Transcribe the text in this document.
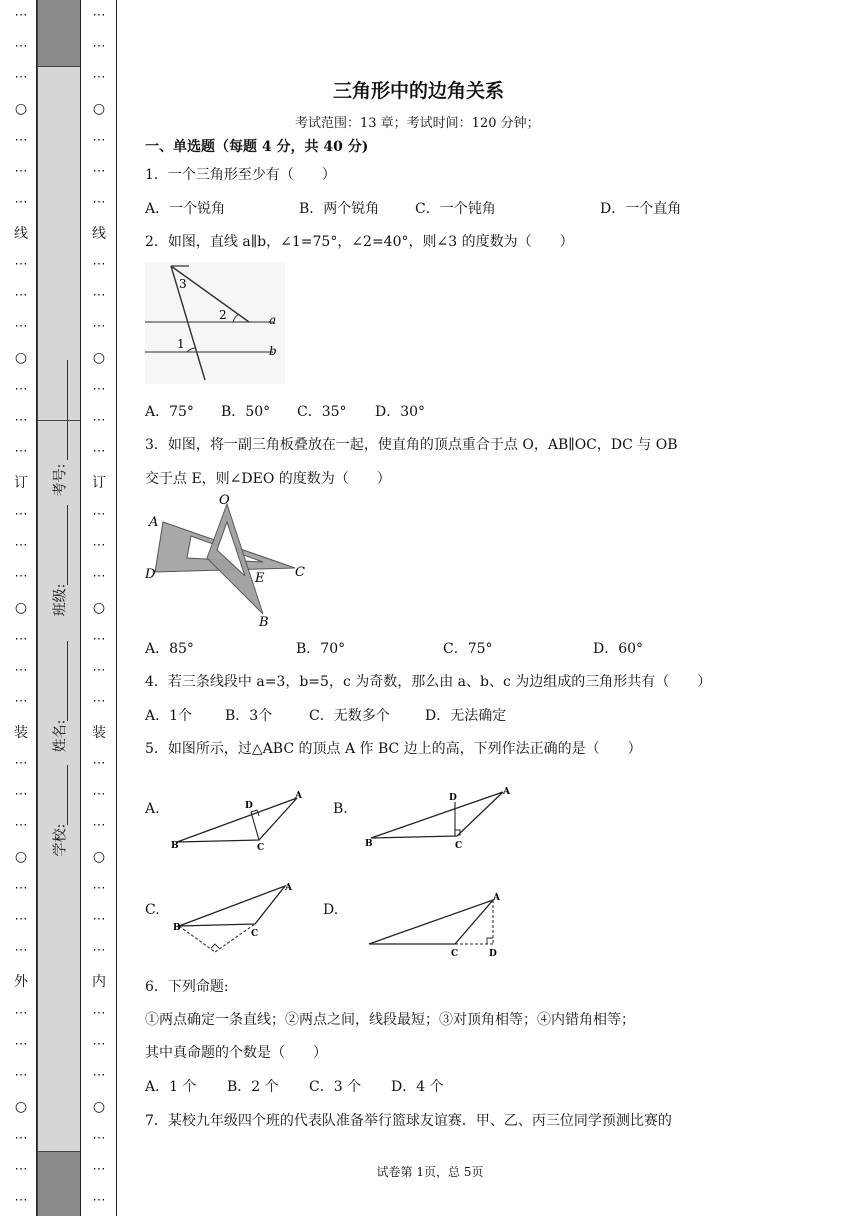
⋯
⋯
⋯
○
⋯
⋯
⋯
线
⋯
⋯
⋯
○
⋯
⋯
⋯
订
⋯
⋯
⋯
○
⋯
⋯
⋯
装
⋯
⋯
⋯
○
⋯
⋯
⋯
外
⋯
⋯
⋯
○
⋯
⋯
⋯
考号:
班级:
姓名:
学校:
⋯
⋯
⋯
○
⋯
⋯
⋯
线
⋯
⋯
⋯
○
⋯
⋯
⋯
订
⋯
⋯
⋯
○
⋯
⋯
⋯
装
⋯
⋯
⋯
○
⋯
⋯
⋯
内
⋯
⋯
⋯
○
⋯
⋯
⋯
三角形中的边角关系
考试范围：13 章；考试时间：120 分钟；
一、单选题（每题 4 分，共 40 分)
1．一个三角形至少有（　　）
A．一个锐角	B．两个锐角	C．一个钝角	D．一个直角
2．如图，直线 a∥b，∠1=75°，∠2=40°，则∠3 的度数为（　　）
3
2
1
a
b
A．75° B．50° C．35° D．30°
3．如图，将一副三角板叠放在一起，使直角的顶点重合于点 O，AB∥OC，DC 与 OB
交于点 E，则∠DEO 的度数为（　　）
O
A
D	E C
B
A．85°	B．70°	C．75°	D．60°
4．若三条线段中 a=3，b=5，c 为奇数，那么由 a、b、c 为边组成的三角形共有（　　）
A．1个 B．3个	C．无数多个	D．无法确定
5．如图所示，过△ABC 的顶点 A 作 BC 边上的高，下列作法正确的是（　　）
A.
B	C
D
A
B.
B	C
D
A
C.
B
C
A
D.
C	D
A
6．下列命题:
①两点确定一条直线；②两点之间，线段最短；③对顶角相等；④内错角相等；
其中真命题的个数是（　　）
A．1 个 B．2 个 C．3 个 D．4 个
7．某校九年级四个班的代表队准备举行篮球友谊赛．甲、乙、丙三位同学预测比赛的
试卷第 1页，总 5页
